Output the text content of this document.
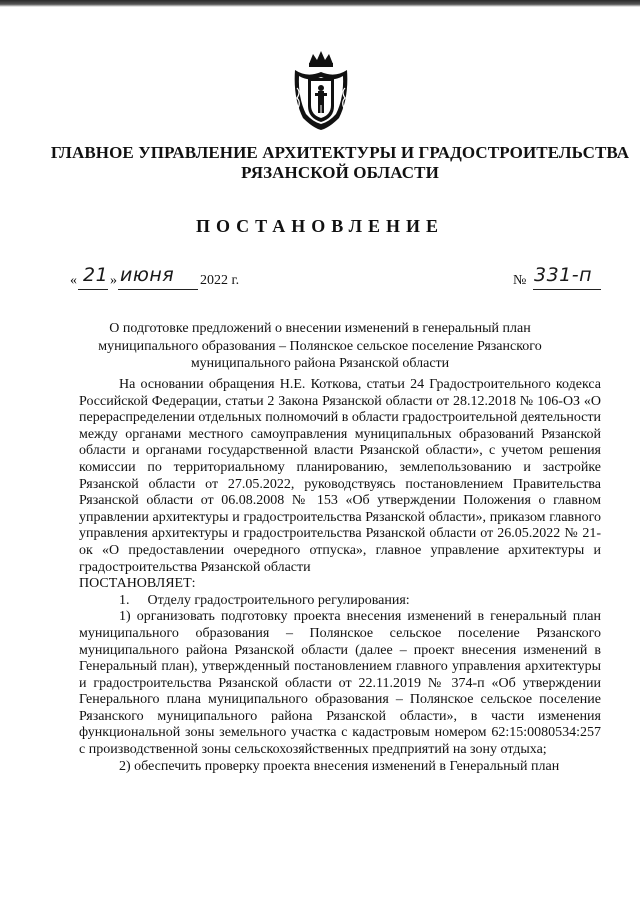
ГЛАВНОЕ УПРАВЛЕНИЕ АРХИТЕКТУРЫ И ГРАДОСТРОИТЕЛЬСТВА
РЯЗАНСКОЙ ОБЛАСТИ
ПОСТАНОВЛЕНИЕ
« 21 » июня 2022 г.	№ 331-п
О подготовке предложений о внесении изменений в генеральный план муниципального образования – Полянское сельское поселение Рязанского муниципального района Рязанской области

На основании обращения Н.Е. Коткова, статьи 24 Градостроительного кодекса Российской Федерации, статьи 2 Закона Рязанской области от 28.12.2018 № 106-ОЗ «О перераспределении отдельных полномочий в области градостроительной деятельности между органами местного самоуправления муниципальных образований Рязанской области и органами государственной власти Рязанской области», с учетом решения комиссии по территориальному планированию, землепользованию и застройке Рязанской области от 27.05.2022, руководствуясь постановлением Правительства Рязанской области от 06.08.2008 № 153 «Об утверждении Положения о главном управлении архитектуры и градостроительства Рязанской области», приказом главного управления архитектуры и градостроительства Рязанской области от 26.05.2022 № 21-ок «О предоставлении очередного отпуска», главное управление архитектуры и градостроительства Рязанской области

ПОСТАНОВЛЯЕТ:

1. Отделу градостроительного регулирования:

1) организовать подготовку проекта внесения изменений в генеральный план муниципального образования – Полянское сельское поселение Рязанского муниципального района Рязанской области (далее – проект внесения изменений в Генеральный план), утвержденный постановлением главного управления архитектуры и градостроительства Рязанской области от 22.11.2019 № 374-п «Об утверждении Генерального плана муниципального образования – Полянское сельское поселение Рязанского муниципального района Рязанской области», в части изменения функциональной зоны земельного участка с кадастровым номером 62:15:0080534:257 с производственной зоны сельскохозяйственных предприятий на зону отдыха;

2) обеспечить проверку проекта внесения изменений в Генеральный план
